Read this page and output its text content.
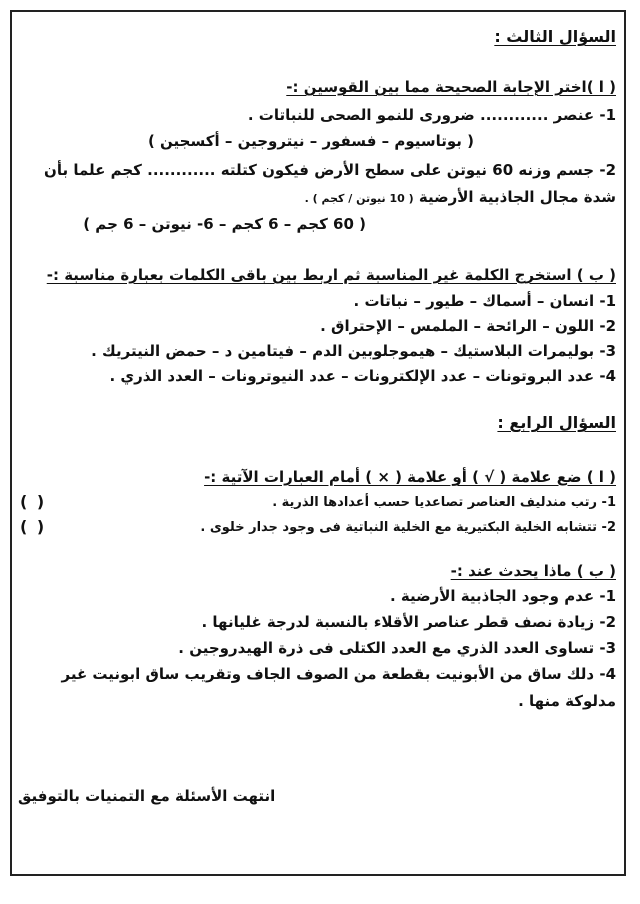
السؤال الثالث :
( ا )اختر الإجابة الصحيحة مما بين القوسين :-
1- عنصر ............ ضرورى للنمو الصحى للنباتات .
( بوتاسيوم – فسفور – نيتروجين – أكسجين )
2- جسم وزنه 60 نيوتن على سطح الأرض فيكون كتلته ............ كجم علما بأن
شدة مجال الجاذبية الأرضية ( 10 نيوتن / كجم ) .
( 60 كجم – 6 كجم – 6- نيوتن – 6 جم )
( ب ) استخرج الكلمة غير المناسبة ثم اربط بين باقى الكلمات بعبارة مناسبة :-
1- انسان – أسماك – طيور – نباتات .
2- اللون – الرائحة – الملمس – الإحتراق .
3- بوليمرات البلاستيك – هيموجلوبين الدم – فيتامين د – حمض النيتريك .
4- عدد البروتونات – عدد الإلكترونات – عدد النيوترونات – العدد الذري .
السؤال الرابع :
( ا ) ضع علامة ( √ ) أو علامة ( × ) أمام العبارات الآتية :-
1- رتب مندليف العناصر تصاعديا حسب أعدادها الذرية .
( )
2- تتشابه الخلية البكتيرية مع الخلية النباتية فى وجود جدار خلوى .
( )
( ب ) ماذا يحدث عند :-
1- عدم وجود الجاذبية الأرضية .
2- زيادة نصف قطر عناصر الأقلاء بالنسبة لدرجة غليانها .
3- تساوى العدد الذري مع العدد الكتلى فى ذرة الهيدروجين .
4- دلك ساق من الأبونيت بقطعة من الصوف الجاف وتقريب ساق ابونيت غير
مدلوكة منها .
انتهت الأسئلة مع التمنيات بالتوفيق
